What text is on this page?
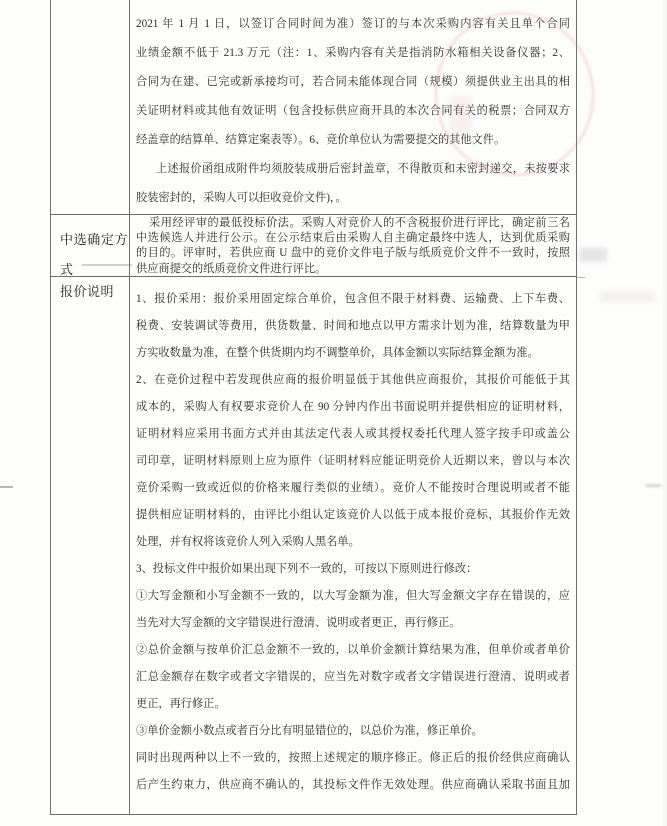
2021 年 1 月 1 日，以签订合同时间为准）签订的与本次采购内容有关且单个合同
业绩金额不低于 21.3 万元（注：1、采购内容有关是指消防水箱相关设备仪器；2、
合同为在建、已完或新承接均可，若合同未能体现合同（规模）须提供业主出具的相
关证明材料或其他有效证明（包含投标供应商开具的本次合同有关的税票；合同双方
经盖章的结算单、结算定案表等）。6、竞价单位认为需要提交的其他文件。
上述报价函组成附件均须胶装成册后密封盖章，不得散页和未密封递交，未按要求
胶装密封的，采购人可以拒收竞价文件)，。
中选确定方式
采用经评审的最低投标价法。采购人对竞价人的不含税报价进行评比，确定前三名
中选候选人并进行公示。在公示结束后由采购人自主确定最终中选人，达到优质采购
的目的。评审时，若供应商 U 盘中的竞价文件电子版与纸质竞价文件不一致时，按照
供应商提交的纸质竞价文件进行评比。
报价说明	1、报价采用：报价采用固定综合单价，包含但不限于材料费、运输费、上下车费、
税费、安装调试等费用，供货数量、时间和地点以甲方需求计划为准，结算数量为甲
方实收数量为准，在整个供货期内均不调整单价，具体金额以实际结算金额为准。
2、在竞价过程中若发现供应商的报价明显低于其他供应商报价，其报价可能低于其
成本的，采购人有权要求竞价人在 90 分钟内作出书面说明并提供相应的证明材料，
证明材料应采用书面方式并由其法定代表人或其授权委托代理人签字按手印或盖公
司印章，证明材料原则上应为原件（证明材料应能证明竞价人近期以来，曾以与本次
竞价采购一致或近似的价格来履行类似的业绩）。竞价人不能按时合理说明或者不能
提供相应证明材料的，由评比小组认定该竞价人以低于成本报价竞标，其报价作无效
处理，并有权将该竞价人列入采购人黑名单。
3、投标文件中报价如果出现下列不一致的，可按以下原则进行修改：
①大写金额和小写金额不一致的，以大写金额为准，但大写金额文字存在错误的，应
当先对大写金额的文字错误进行澄清、说明或者更正，再行修正。
②总价金额与按单价汇总金额不一致的，以单价金额计算结果为准，但单价或者单价
汇总金额存在数字或者文字错误的，应当先对数字或者文字错误进行澄清、说明或者
更正，再行修正。
③单价金额小数点或者百分比有明显错位的，以总价为准，修正单价。
同时出现两种以上不一致的，按照上述规定的顺序修正。修正后的报价经供应商确认
后产生约束力，供应商不确认的，其投标文件作无效处理。供应商确认采取书面且加
